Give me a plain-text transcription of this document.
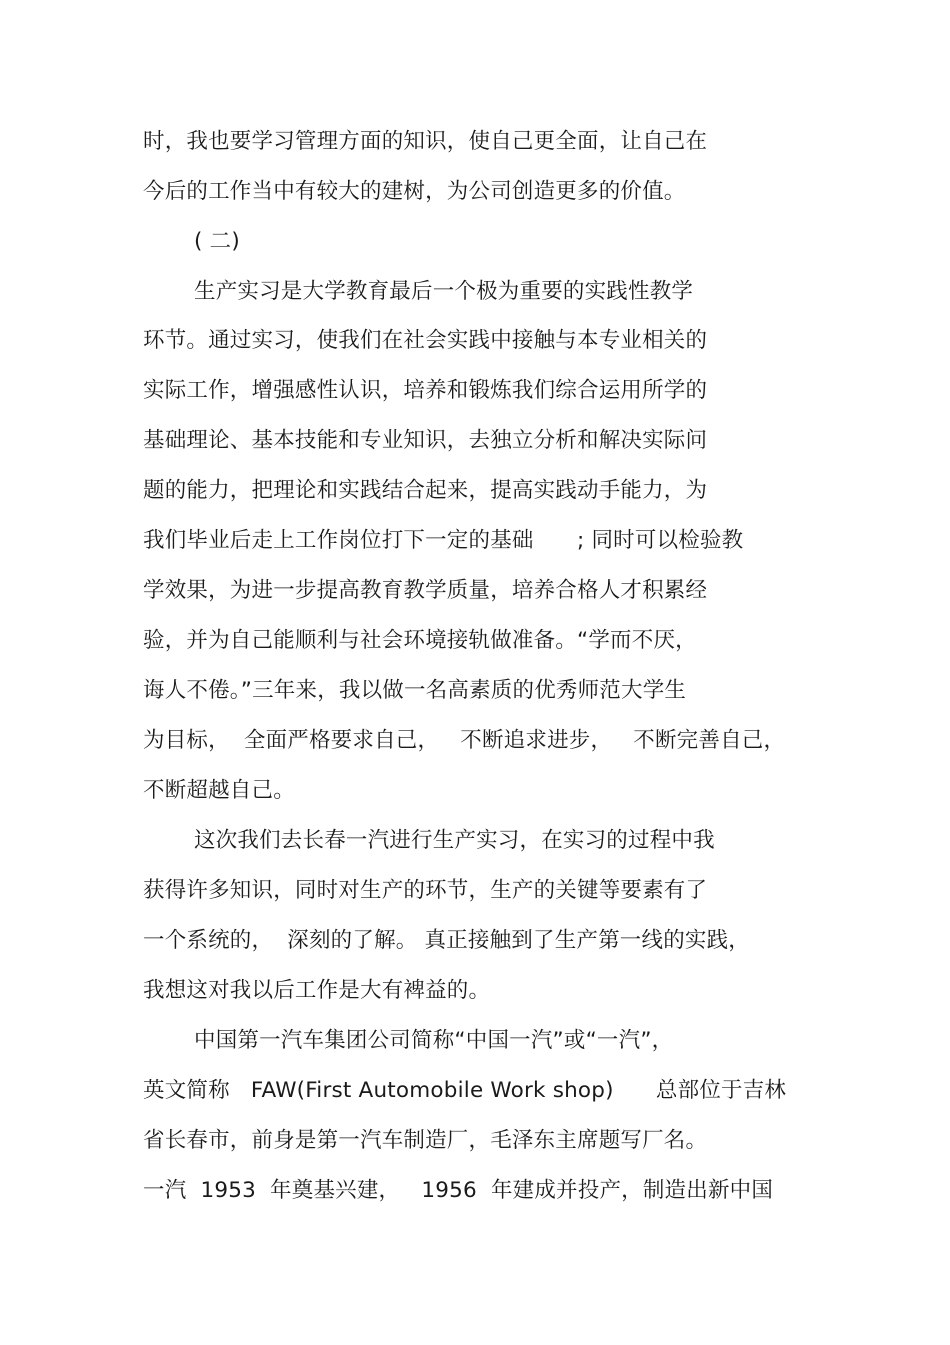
时，我也要学习管理方面的知识，使自己更全面，让自己在
今后的工作当中有较大的建树，为公司创造更多的价值。
( 二)
生产实习是大学教育最后一个极为重要的实践性教学
环节。通过实习，使我们在社会实践中接触与本专业相关的
实际工作，增强感性认识，培养和锻炼我们综合运用所学的
基础理论、基本技能和专业知识，去独立分析和解决实际问
题的能力，把理论和实践结合起来，提高实践动手能力，为
我们毕业后走上工作岗位打下一定的基础　　; 同时可以检验教
学效果，为进一步提高教育教学质量，培养合格人才积累经
验，并为自己能顺利与社会环境接轨做准备。“学而不厌，
诲人不倦。”三年来，我以做一名高素质的优秀师范大学生
为目标，  全面严格要求自己，   不断追求进步，   不断完善自己，
不断超越自己。
这次我们去长春一汽进行生产实习，在实习的过程中我
获得许多知识，同时对生产的环节，生产的关键等要素有了
一个系统的，  深刻的了解。 真正接触到了生产第一线的实践，
我想这对我以后工作是大有裨益的。
中国第一汽车集团公司简称“中国一汽”或“一汽”，
英文简称   FAW(First Automobile Work shop)      总部位于吉林
省长春市，前身是第一汽车制造厂，毛泽东主席题写厂名。
一汽  1953  年奠基兴建，   1956  年建成并投产，制造出新中国
